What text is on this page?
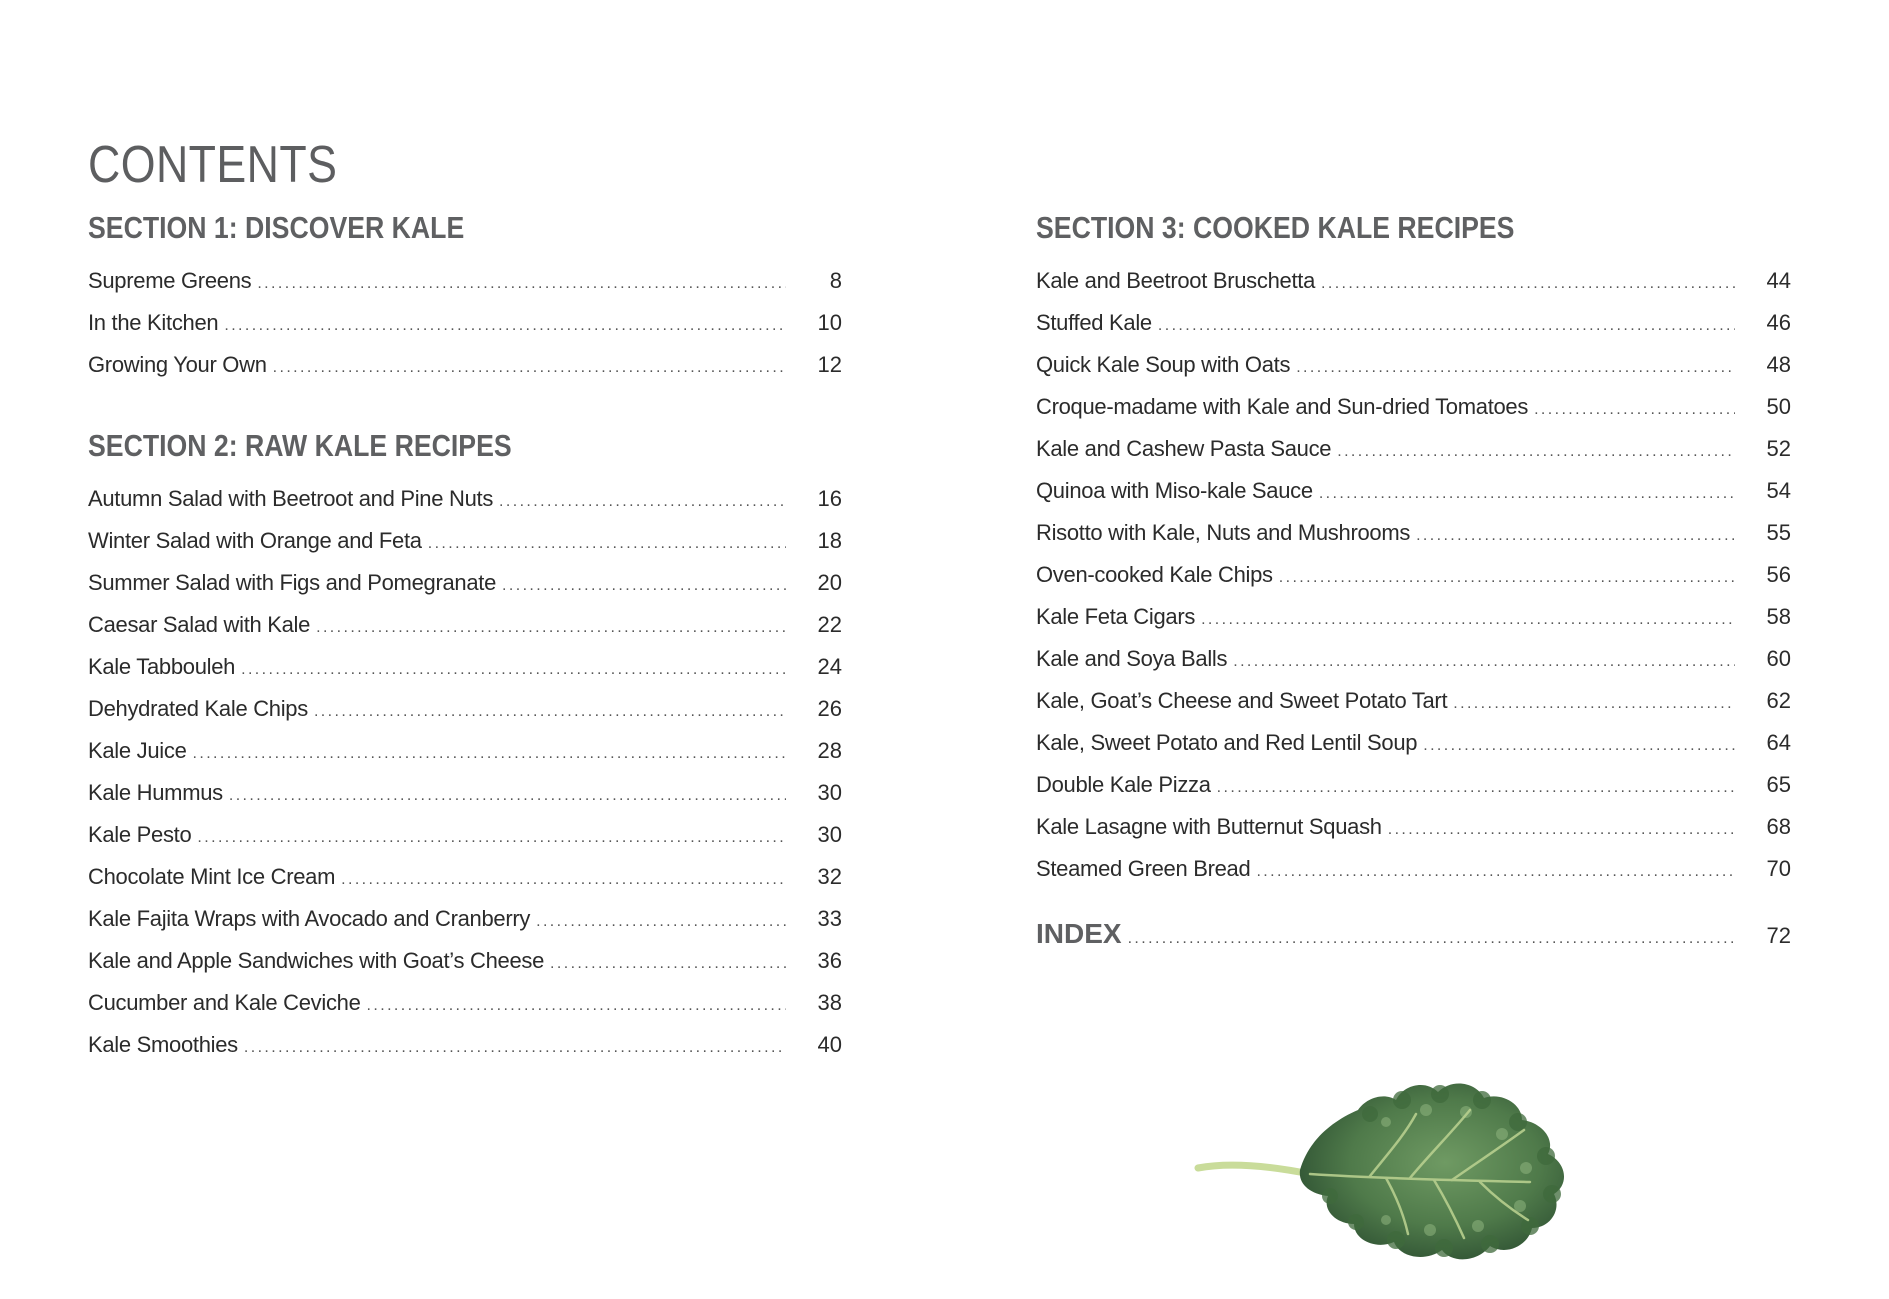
CONTENTS
SECTION 1: DISCOVER KALE
Supreme Greens .....	8
In the Kitchen .....	10
Growing Your Own .....	12
SECTION 2: RAW KALE RECIPES
Autumn Salad with Beetroot and Pine Nuts .....	16
Winter Salad with Orange and Feta .....	18
Summer Salad with Figs and Pomegranate .....	20
Caesar Salad with Kale .....	22
Kale Tabbouleh .....	24
Dehydrated Kale Chips .....	26
Kale Juice .....	28
Kale Hummus .....	30
Kale Pesto .....	30
Chocolate Mint Ice Cream .....	32
Kale Fajita Wraps with Avocado and Cranberry .....	33
Kale and Apple Sandwiches with Goat’s Cheese .....	36
Cucumber and Kale Ceviche .....	38
Kale Smoothies .....	40
SECTION 3: COOKED KALE RECIPES
Kale and Beetroot Bruschetta .....	44
Stuffed Kale .....	46
Quick Kale Soup with Oats .....	48
Croque-madame with Kale and Sun-dried Tomatoes .....	50
Kale and Cashew Pasta Sauce .....	52
Quinoa with Miso-kale Sauce .....	54
Risotto with Kale, Nuts and Mushrooms .....	55
Oven-cooked Kale Chips .....	56
Kale Feta Cigars .....	58
Kale and Soya Balls .....	60
Kale, Goat’s Cheese and Sweet Potato Tart .....	62
Kale, Sweet Potato and Red Lentil Soup .....	64
Double Kale Pizza .....	65
Kale Lasagne with Butternut Squash .....	68
Steamed Green Bread .....	70
INDEX .....	72
